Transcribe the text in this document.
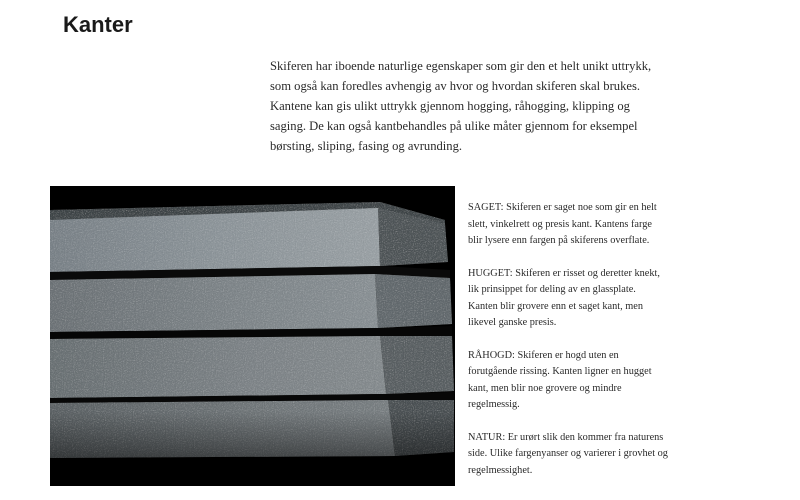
Kanter

Skiferen har iboende naturlige egenskaper som gir den et helt unikt uttrykk, som også kan foredles avhengig av hvor og hvordan skiferen skal brukes. Kantene kan gis ulikt uttrykk gjennom hogging, råhogging, klipping og saging. De kan også kantbehandles på ulike måter gjennom for eksempel børsting, sliping, fasing og avrunding.

SAGET: Skiferen er saget noe som gir en helt slett, vinkelrett og presis kant. Kantens farge blir lysere enn fargen på skiferens overflate.

HUGGET: Skiferen er risset og deretter knekt, lik prinsippet for deling av en glassplate. Kanten blir grovere enn et saget kant, men likevel ganske presis.

RÅHOGD: Skiferen er hogd uten en forutgående rissing. Kanten ligner en hugget kant, men blir noe grovere og mindre regelmessig.

NATUR: Er urørt slik den kommer fra naturens side. Ulike fargenyanser og varierer i grovhet og regelmessighet.
